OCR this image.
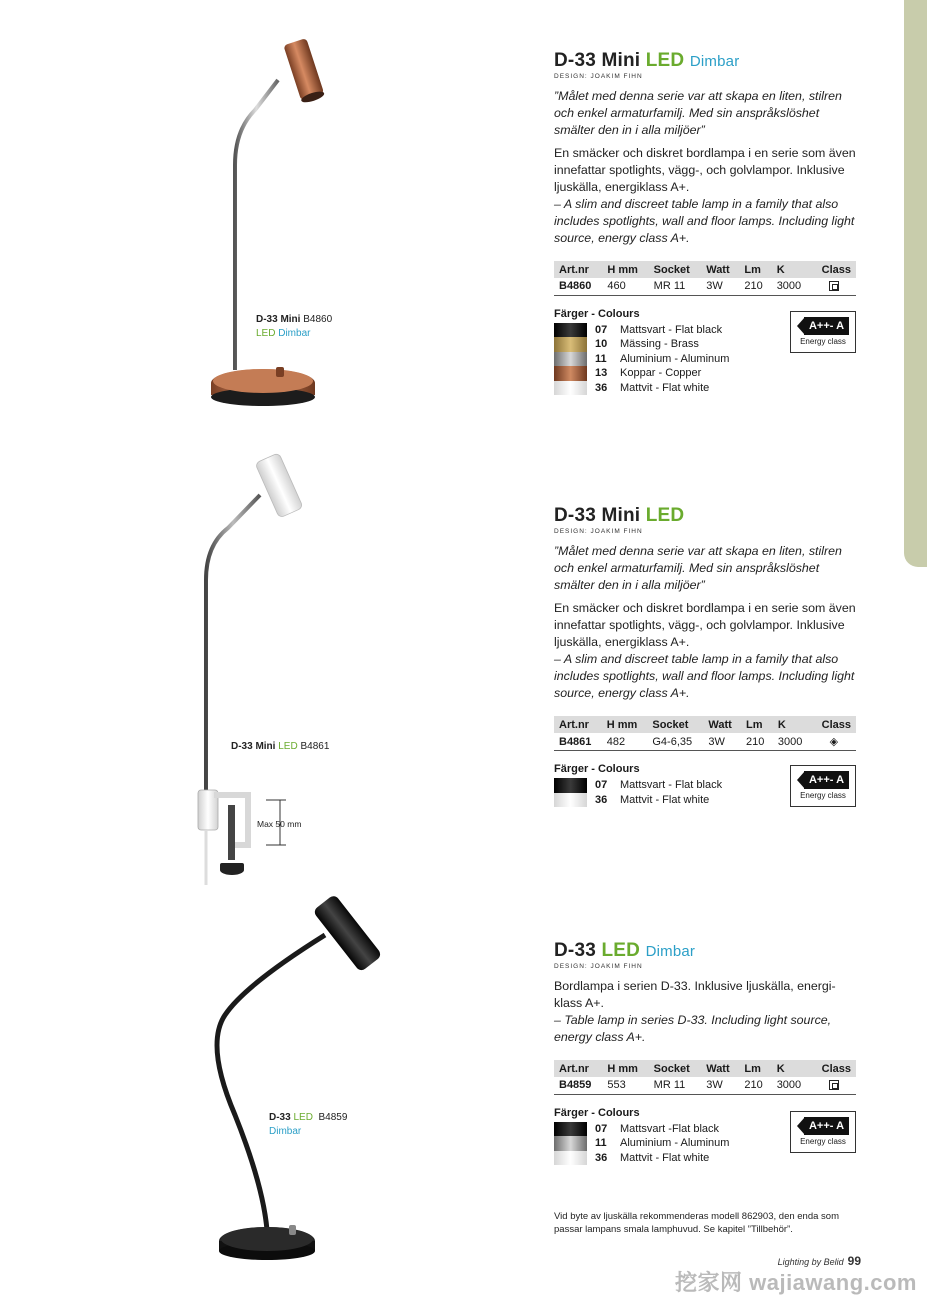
D-33 Mini B4860
LED Dimbar
D-33 Mini LED B4861
Max 50 mm
D-33 LED B4859
Dimbar
D-33 Mini LED Dimbar
DESIGN: JOAKIM FIHN
”Målet med denna serie var att skapa en liten, stilren och enkel armaturfamilj. Med sin anspråkslöshet smälter den in i alla miljöer”
En smäcker och diskret bordlampa i en serie som även innefattar spotlights, vägg-, och golvlampor. Inklusive ljuskälla, energiklass A+.
– A slim and discreet table lamp in a family that also includes spotlights, wall and floor lamps. Including light source, energy class A+.
Art.nr	H mm	Socket	Watt	Lm	K	Class
B4860	460	MR 11	3W	210	3000	
Färger - Colours
07	Mattsvart - Flat black
10	Mässing - Brass
11	Aluminium - Aluminum
13	Koppar - Copper
36	Mattvit - Flat white
A++- A
Energy class
D-33 Mini LED
DESIGN: JOAKIM FIHN
”Målet med denna serie var att skapa en liten, stilren och enkel armaturfamilj. Med sin anspråkslöshet smälter den in i alla miljöer”
En smäcker och diskret bordlampa i en serie som även innefattar spotlights, vägg-, och golvlampor. Inklusive ljuskälla, energiklass A+.
– A slim and discreet table lamp in a family that also includes spotlights, wall and floor lamps. Including light source, energy class A+.
Art.nr	H mm	Socket	Watt	Lm	K	Class
B4861	482	G4-6,35	3W	210	3000	◈
Färger - Colours
07	Mattsvart - Flat black
36	Mattvit - Flat white
A++- A
Energy class
D-33 LED Dimbar
DESIGN: JOAKIM FIHN
Bordlampa i serien D-33. Inklusive ljuskälla, energi-klass A+.
– Table lamp in series D-33. Including light source, energy class A+.
Art.nr	H mm	Socket	Watt	Lm	K	Class
B4859	553	MR 11	3W	210	3000	
Färger - Colours
07	Mattsvart -Flat black
11	Aluminium - Aluminum
36	Mattvit - Flat white
A++- A
Energy class
Vid byte av ljuskälla rekommenderas modell 862903, den enda som passar lampans smala lamphuvud. Se kapitel ”Tillbehör”.
Lighting by Belid 99
挖家网 wajiawang.com
